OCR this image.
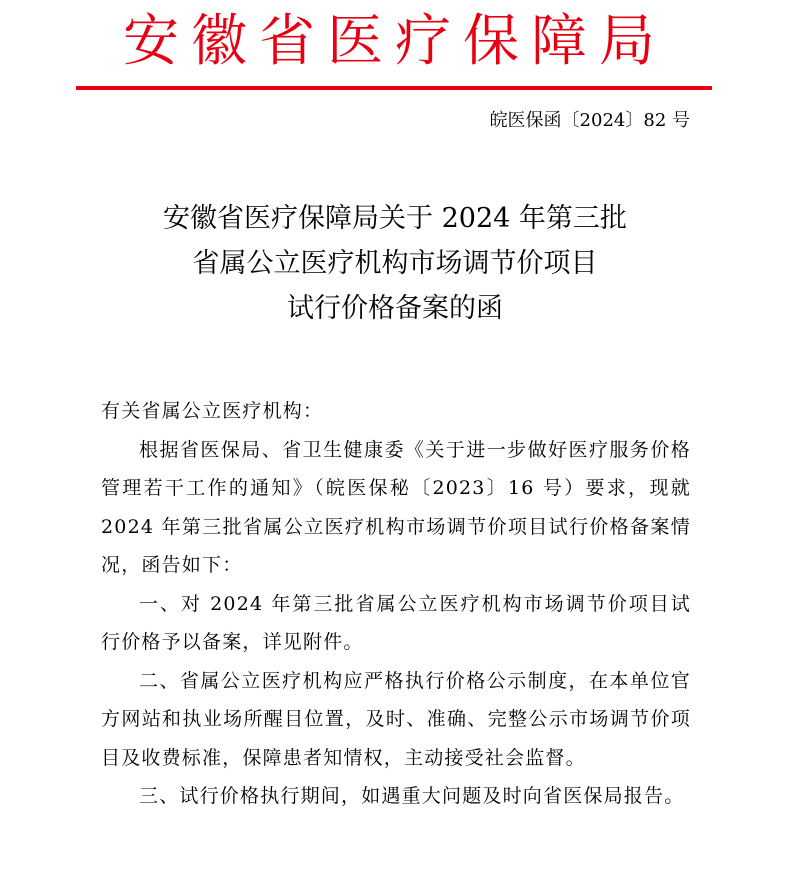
安徽省医疗保障局
皖医保函〔2024〕82 号
安徽省医疗保障局关于 2024 年第三批
省属公立医疗机构市场调节价项目
试行价格备案的函

有关省属公立医疗机构：

根据省医保局、省卫生健康委《关于进一步做好医疗服务价格管理若干工作的通知》（皖医保秘〔2023〕16 号）要求，现就 2024 年第三批省属公立医疗机构市场调节价项目试行价格备案情况，函告如下：

一、对 2024 年第三批省属公立医疗机构市场调节价项目试行价格予以备案，详见附件。

二、省属公立医疗机构应严格执行价格公示制度，在本单位官方网站和执业场所醒目位置，及时、准确、完整公示市场调节价项目及收费标准，保障患者知情权，主动接受社会监督。

三、试行价格执行期间，如遇重大问题及时向省医保局报告。
